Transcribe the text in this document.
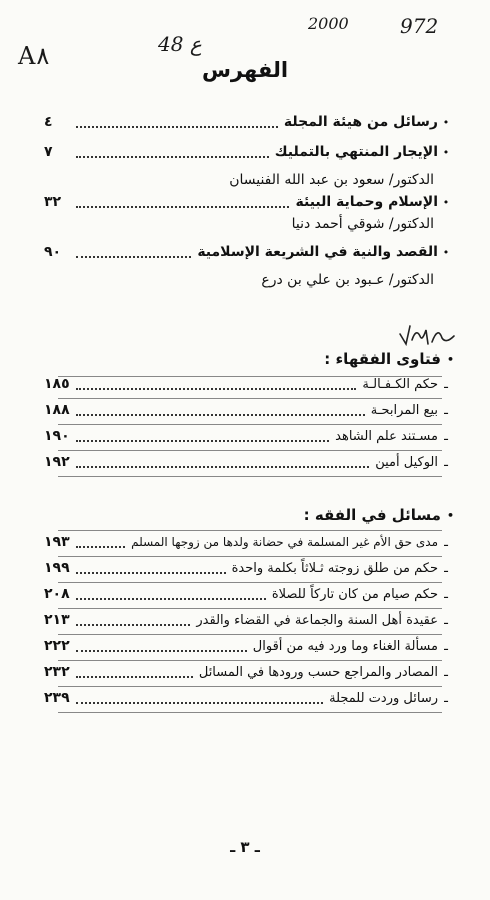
A٨	48 ع
2000	972
الفهرس
•
رسائل من هيئة المجلة
٤
•
الإيجار المنتهي بالتمليك
٧
الدكتور/ سعود بن عبد الله الفنيسان
•
الإسلام وحماية البيئة
٣٢
الدكتور/ شوقي أحمد دنيا
•
القصد والنية في الشريعة الإسلامية
٩٠
الدكتور/ عـبود بن علي بن درع
•
فتاوى الفقهاء :
ـ
حكم الكـفـالـة
١٨٥
ـ
بيع المرابحـة
١٨٨
ـ
مسـتند علم الشاهد
١٩٠
ـ
الوكيل أمين
١٩٢
•
مسائل في الفقه :
ـ
مدى حق الأم غير المسلمة في حضانة ولدها من زوجها المسلم
١٩٣
ـ
حكم من طلق زوجته ثـلاثاً بكلمة واحدة
١٩٩
ـ
حكم صيام من كان تاركاً للصلاة
٢٠٨
ـ
عقيدة أهل السنة والجماعة في القضاء والقدر
٢١٣
ـ
مسألة الغناء وما ورد فيه من أقوال
٢٢٢
ـ
المصادر والمراجع حسب ورودها في المسائل
٢٣٢
ـ
رسائل وردت للمجلة
٢٣٩
ـ ٣ ـ
